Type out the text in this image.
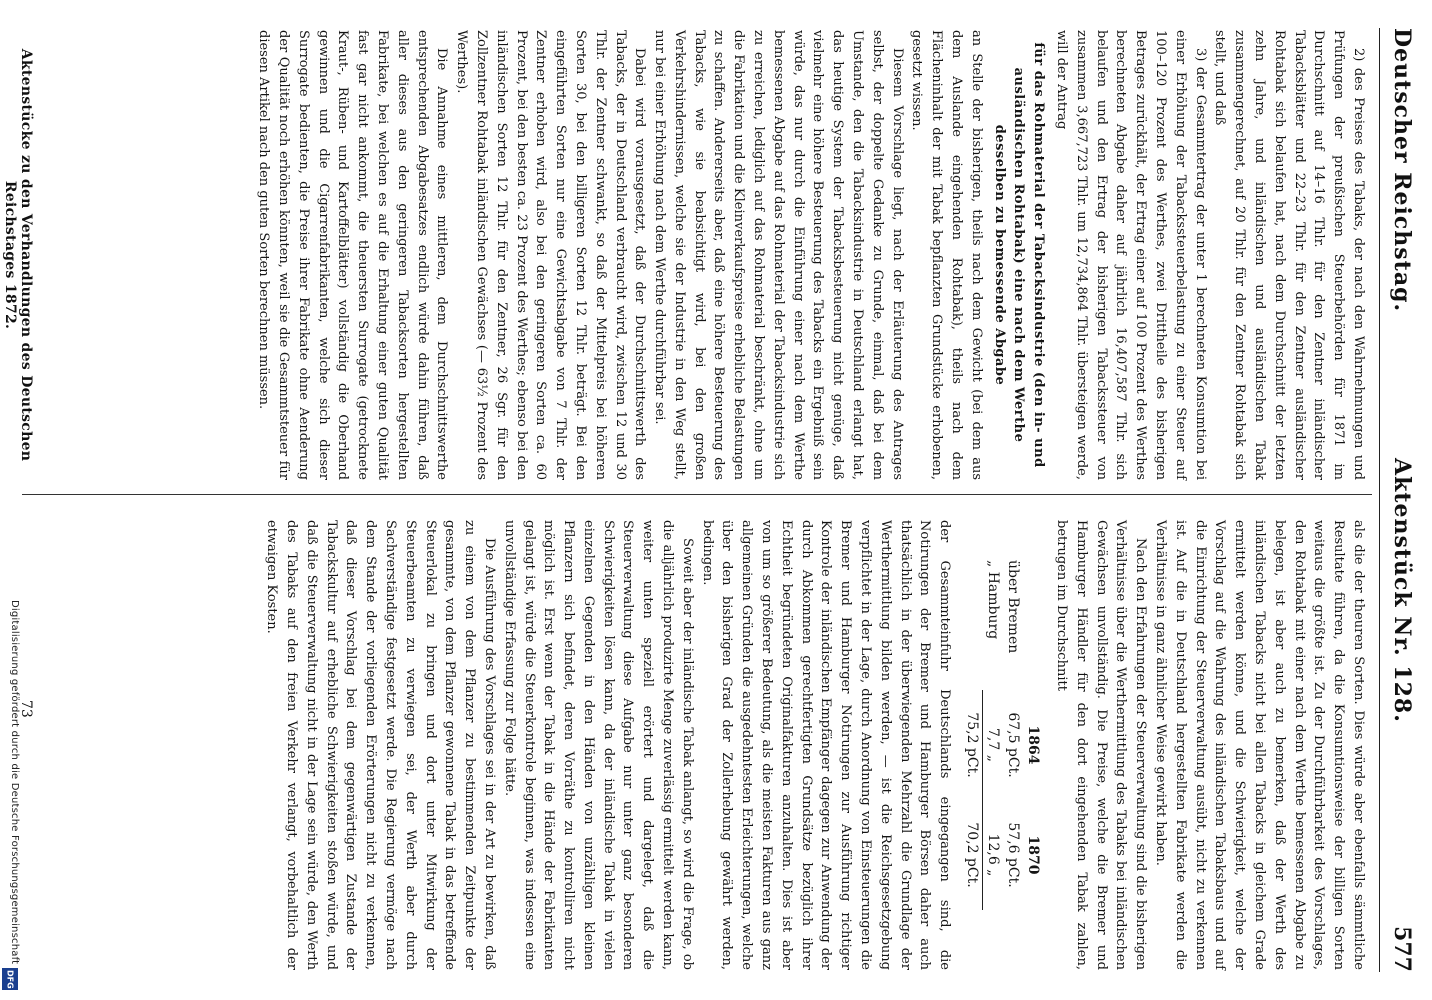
Deutscher Reichstag.
Aktenstück Nr. 128.
577

2) des Preises des Tabaks, der nach den Wahrnehmungen und Prüfungen der preußischen Steuerbehörden für 1871 im Durchschnitt auf 14–16 Thlr. für den Zentner inländischer Tabacksblätter und 22–23 Thlr. für den Zentner ausländischer Rohtabak sich belaufen hat, nach dem Durchschnitt der letzten zehn Jahre, und inländischen und ausländischen Tabak zusammengerechnet, auf 20 Thlr. für den Zentner Rohtabak sich stellt, und daß

3) der Gesammtertrag der unter 1 berechneten Konsumtion bei einer Erhöhung der Tabackssteuerbelastung zu einer Steuer auf 100–120 Prozent des Werthes, zwei Drittheile des bisherigen Betrages zurückhält, der Ertrag einer auf 100 Prozent des Werthes berechneten Abgabe daher auf jährlich 16,407,587 Thlr. sich belaufen und den Ertrag der bisherigen Tabackssteuer von zusammen 3,667,723 Thlr. um 12,734,864 Thlr. übersteigen werde, will der Antrag

für das Rohmaterial der Tabacksindustrie (den in- und ausländischen Rohtabak) eine nach dem Werthe desselben zu bemessende Abgabe

an Stelle der bisherigen, theils nach dem Gewicht (bei dem aus dem Auslande eingehenden Rohtabak), theils nach dem Flächeninhalt der mit Tabak bepflanzten Grundstücke erhobenen, gesetzt wissen.

Diesem Vorschlage liegt, nach der Erläuterung des Antrages selbst, der doppelte Gedanke zu Grunde, einmal, daß bei dem Umstande, den die Tabacksindustrie in Deutschland erlangt hat, das heutige System der Tabacksbesteuerung nicht genüge, daß vielmehr eine höhere Besteuerung des Tabacks ein Ergebniß sein würde, das nur durch die Einführung einer nach dem Werthe bemessenen Abgabe auf das Rohmaterial der Tabacksindustrie sich zu erreichen, lediglich auf das Rohmaterial beschränkt, ohne um die Fabrikation und die Kleinverkaufspreise erhebliche Belastungen zu schaffen. Andererseits aber, daß eine höhere Besteuerung des Tabacks, wie sie beabsichtigt wird, bei den großen Verkehrshindernissen, welche sie der Industrie in den Weg stellt, nur bei einer Erhöhung nach dem Werthe durchführbar sei.

Dabei wird vorausgesetzt, daß der Durchschnittswerth des Tabacks, der in Deutschland verbraucht wird, zwischen 12 und 30 Thlr. der Zentner schwankt, so daß der Mittelpreis bei höheren Sorten 30, bei den billigeren Sorten 12 Thlr. beträgt. Bei den eingeführten Sorten nur eine Gewichtsabgabe von 7 Thlr. der Zentner erhoben wird, also bei den geringeren Sorten ca. 60 Prozent, bei den besten ca. 23 Prozent des Werthes; ebenso bei den inländischen Sorten 12 Thlr. für den Zentner, 26 Sgr. für den Zollzentner Rohtabak inländischen Gewächses (— 63½ Prozent des Werthes).

Die Annahme eines mittleren, dem Durchschnittswerthe entsprechenden Abgabesatzes endlich würde dahin führen, daß aller dieses aus den geringeren Tabacksorten hergestellten Fabrikate, bei welchen es auf die Erhaltung einer guten Qualität fast gar nicht ankommt, die theuersten Surrogate (getrocknete Kraut-, Rüben- und Kartoffelblätter) vollständig die Oberhand gewinnen und die Cigarrenfabrikanten, welche sich dieser Surrogate bedienten, die Preise ihrer Fabrikate ohne Aenderung der Qualität noch erhöhen könnten, weil sie die Gesammtsteuer für diesen Artikel nach den guten Sorten berechnen müssen.

als die der theuren Sorten. Dies würde aber ebenfalls sämmtliche Resultate führen, da die Konsumtionsweise der billigen Sorten weitaus die größte ist. Zu der Durchführbarkeit des Vorschlages, den Rohtabak mit einer nach dem Werthe bemessenen Abgabe zu belegen, ist aber auch zu bemerken, daß der Werth des inländischen Tabacks nicht bei allen Tabacks in gleichem Grade ermittelt werden könne, und die Schwierigkeit, welche der Vorschlag auf die Wahrung des inländischen Tabaksbaus und auf die Einrichtung der Steuerverwaltung ausübt, nicht zu verkennen ist. Auf die in Deutschland hergestellten Fabrikate werden die Verhältnisse in ganz ähnlicher Weise gewirkt haben.

Nach den Erfahrungen der Steuerverwaltung sind die bisherigen Verhältnisse über die Werthermittlung des Tabaks bei inländischen Gewächsen unvollständig. Die Preise, welche die Bremer und Hamburger Händler für den dort eingehenden Tabak zahlen, betrugen im Durchschnitt

1864
1870
über Bremen
67,5 pCt.
57,6 pCt.
„ Hamburg
7,7 „
12,6 „
75,2 pCt.
70,2 pCt.

der Gesammteinfuhr Deutschlands eingegangen sind, die Notirungen der Bremer und Hamburger Börsen daher auch thatsächlich in der überwiegenden Mehrzahl die Grundlage der Werthermittlung bilden werden, — ist die Reichsgesetzgebung verpflichtet in der Lage, durch Anordnung von Einsteuerungen die Bremer und Hamburger Notirungen zur Ausführung richtiger Kontrole der inländischen Empfänger dagegen zur Anwendung der durch Abkommen gerechtfertigten Grundsätze bezüglich ihrer Echtheit begründeten Originalfakturen anzuhalten. Dies ist aber von um so größerer Bedeutung, als die meisten Fakturen aus ganz allgemeinen Gründen die ausgedehntesten Erleichterungen, welche über den bisherigen Grad der Zollerhebung gewährt werden, bedingen.

Soweit aber der inländische Tabak anlangt, so wird die Frage, ob die alljährlich produzirte Menge zuverlässig ermittelt werden kann, weiter unten speziell erörtert und dargelegt, daß die Steuerverwaltung diese Aufgabe nur unter ganz besonderen Schwierigkeiten lösen kann, da der inländische Tabak in vielen einzelnen Gegenden in den Händen von unzähligen kleinen Pflanzern sich befindet, deren Vorräthe zu kontrolliren nicht möglich ist. Erst wenn der Tabak in die Hände der Fabrikanten gelangt ist, würde die Steuerkontrole beginnen, was indessen eine unvollständige Erfassung zur Folge hätte.

Die Ausführung des Vorschlages sei in der Art zu bewirken, daß zu einem von dem Pflanzer zu bestimmenden Zeitpunkte der gesammte, von dem Pflanzer gewonnene Tabak in das betreffende Steuerlokal zu bringen und dort unter Mitwirkung der Steuerbeamten zu verwiegen sei, der Werth aber durch Sachverständige festgesetzt werde. Die Regierung vermöge nach dem Stande der vorliegenden Erörterungen nicht zu verkennen, daß dieser Vorschlag bei dem gegenwärtigen Zustande der Tabackskultur auf erhebliche Schwierigkeiten stoßen würde, und daß die Steuerverwaltung nicht in der Lage sein würde, den Werth des Tabaks auf den freien Verkehr verlangt, vorbehaltlich der etwaigen Kosten.

Aktenstücke zu den Verhandlungen des Deutschen Reichstages 1872.
73
Digitalisierung gefördert durch die Deutsche Forschungsgemeinschaft
DFG
